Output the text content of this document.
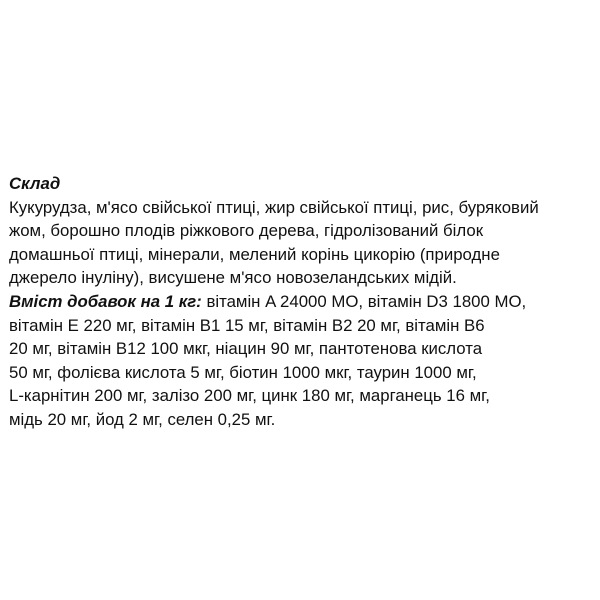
Склад
Кукурудза, м'ясо свійської птиці, жир свійської птиці, рис, буряковий
жом, борошно плодів ріжкового дерева, гідролізований білок
домашньої птиці, мінерали, мелений корінь цикорію (природне
джерело інуліну), висушене м'ясо новозеландських мідій.
Вміст добавок на 1 кг: вітамін A 24000 МО, вітамін D3 1800 МО,
вітамін E 220 мг, вітамін B1 15 мг, вітамін B2 20 мг, вітамін B6
20 мг, вітамін B12 100 мкг, ніацин 90 мг, пантотенова кислота
50 мг, фолієва кислота 5 мг, біотин 1000 мкг, таурин 1000 мг,
L-карнітин 200 мг, залізо 200 мг, цинк 180 мг, марганець 16 мг,
мідь 20 мг, йод 2 мг, селен 0,25 мг.
